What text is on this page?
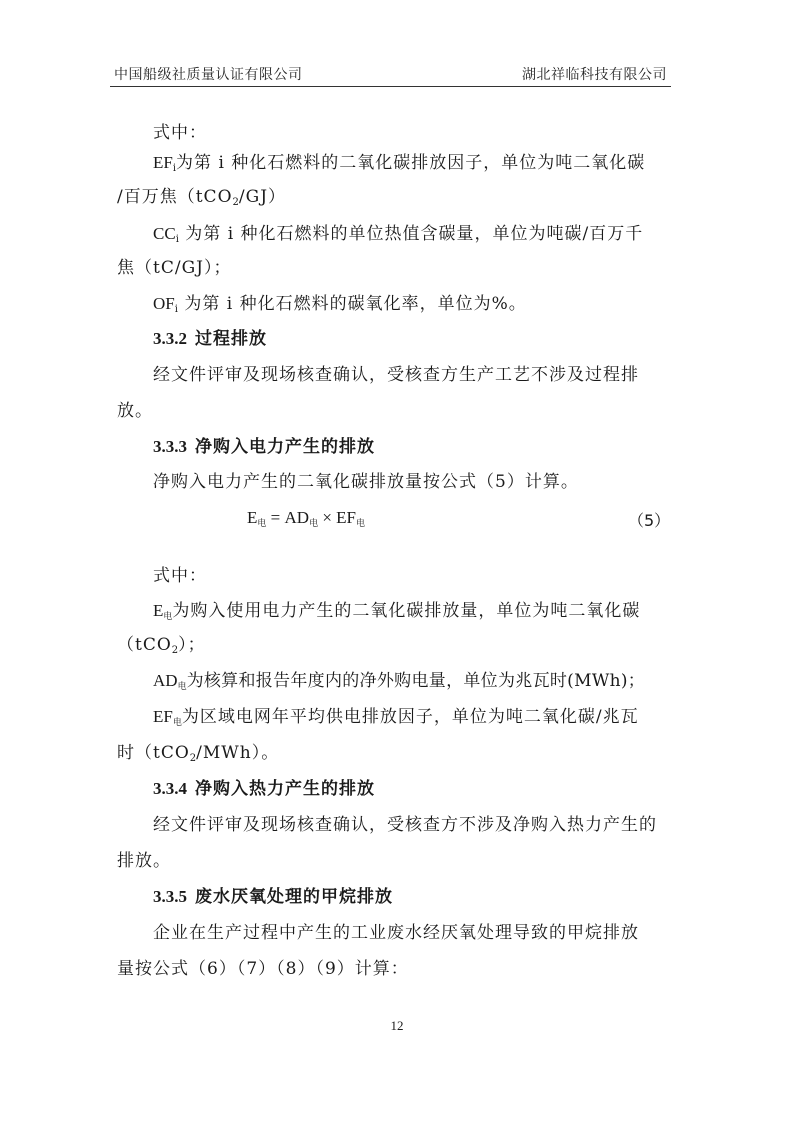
中国船级社质量认证有限公司	湖北祥临科技有限公司
式中：
$EF_i$为第 i 种化石燃料的二氧化碳排放因子，单位为吨二氧化碳
/百万焦（tCO$_2$/GJ）
$CC_i$ 为第 i 种化石燃料的单位热值含碳量，单位为吨碳/百万千
焦（tC/GJ）；
$OF_i$ 为第 i 种化石燃料的碳氧化率，单位为%。
3.3.2 过程排放
经文件评审及现场核查确认，受核查方生产工艺不涉及过程排
放。
3.3.3 净购入电力产生的排放
净购入电力产生的二氧化碳排放量按公式（5）计算。
E电 = AD电 × EF电	（5）
式中：
E电为购入使用电力产生的二氧化碳排放量，单位为吨二氧化碳
（tCO$_2$）；
AD电为核算和报告年度内的净外购电量，单位为兆瓦时(MWh)；
EF电为区域电网年平均供电排放因子，单位为吨二氧化碳/兆瓦
时（tCO$_2$/MWh）。
3.3.4 净购入热力产生的排放
经文件评审及现场核查确认，受核查方不涉及净购入热力产生的
排放。
3.3.5 废水厌氧处理的甲烷排放
企业在生产过程中产生的工业废水经厌氧处理导致的甲烷排放
量按公式（6）（7）（8）（9）计算：
12
